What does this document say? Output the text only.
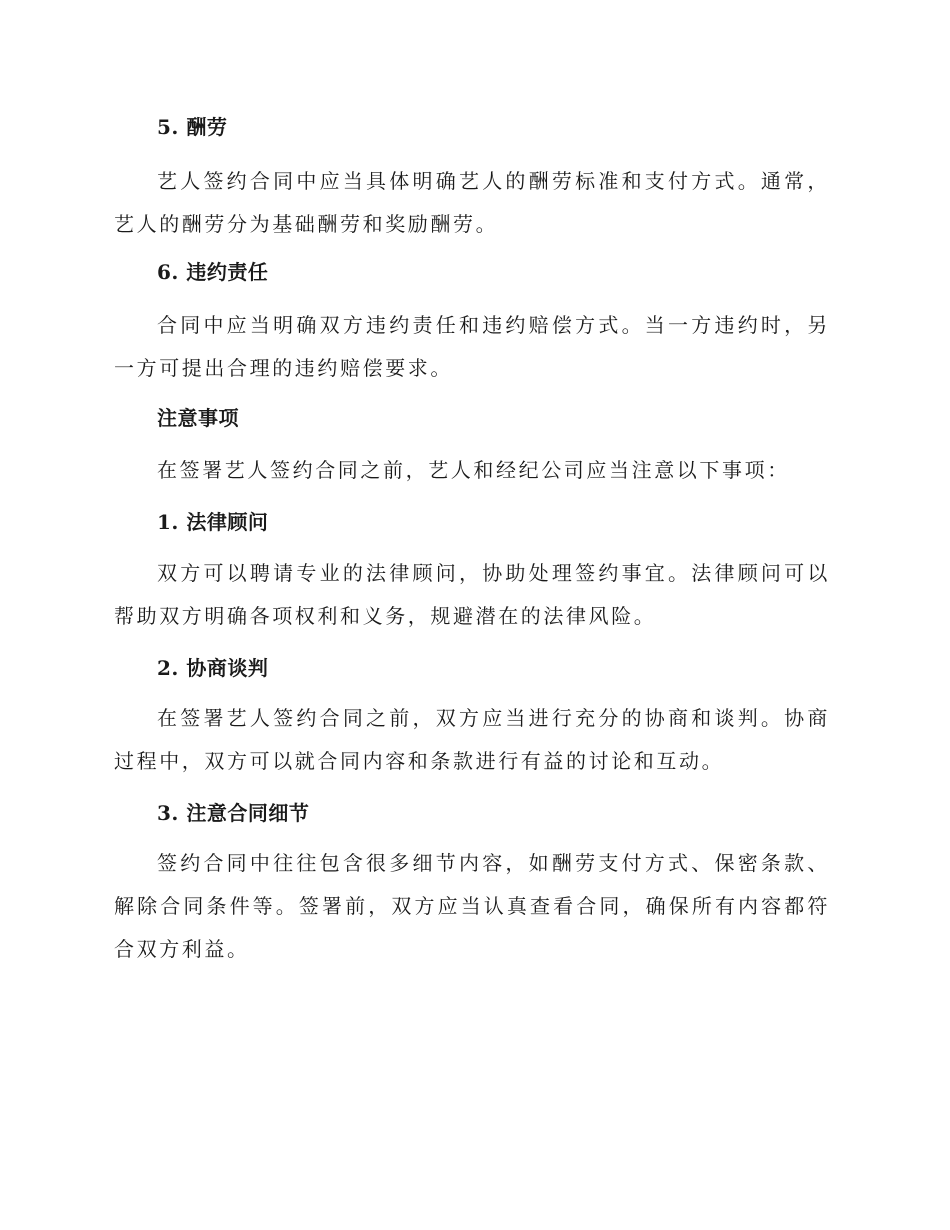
5. 酬劳
艺人签约合同中应当具体明确艺人的酬劳标准和支付方式。通常，艺人的酬劳分为基础酬劳和奖励酬劳。
6. 违约责任
合同中应当明确双方违约责任和违约赔偿方式。当一方违约时，另一方可提出合理的违约赔偿要求。
注意事项
在签署艺人签约合同之前，艺人和经纪公司应当注意以下事项：
1. 法律顾问
双方可以聘请专业的法律顾问，协助处理签约事宜。法律顾问可以帮助双方明确各项权利和义务，规避潜在的法律风险。
2. 协商谈判
在签署艺人签约合同之前，双方应当进行充分的协商和谈判。协商过程中，双方可以就合同内容和条款进行有益的讨论和互动。
3. 注意合同细节
签约合同中往往包含很多细节内容，如酬劳支付方式、保密条款、解除合同条件等。签署前，双方应当认真查看合同，确保所有内容都符合双方利益。
